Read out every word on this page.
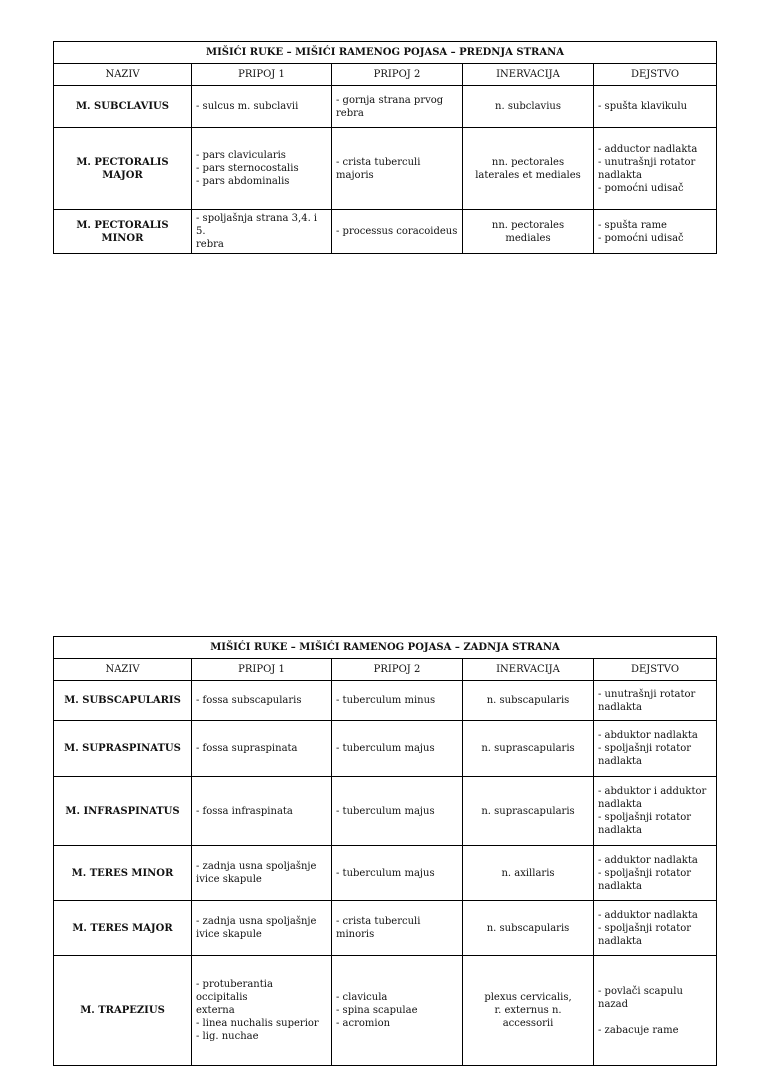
MIŠIĆI RUKE – MIŠIĆI RAMENOG POJASA – PREDNJA STRANA				
NAZIV	PRIPOJ 1	PRIPOJ 2	INERVACIJA	DEJSTVO
M. SUBCLAVIUS	- sulcus m. subclavii	- gornja strana prvog
rebra	n. subclavius	- spušta klavikulu
M. PECTORALIS MAJOR	- pars clavicularis
- pars sternocostalis
- pars abdominalis	- crista tuberculi majoris	nn. pectorales
laterales et mediales	- adductor nadlakta
- unutrašnji rotator
nadlakta
- pomoćni udisač
M. PECTORALIS MINOR	- spoljašnja strana 3,4. i 5.
rebra	- processus coracoideus	nn. pectorales
mediales	- spušta rame
- pomoćni udisač
MIŠIĆI RUKE – MIŠIĆI RAMENOG POJASA – ZADNJA STRANA				
NAZIV	PRIPOJ 1	PRIPOJ 2	INERVACIJA	DEJSTVO
M. SUBSCAPULARIS	- fossa subscapularis	- tuberculum minus	n. subscapularis	- unutrašnji rotator
nadlakta
M. SUPRASPINATUS	- fossa supraspinata	- tuberculum majus	n. suprascapularis	- abduktor nadlakta
- spoljašnji rotator
nadlakta
M. INFRASPINATUS	- fossa infraspinata	- tuberculum majus	n. suprascapularis	- abduktor i adduktor
nadlakta
- spoljašnji rotator
nadlakta
M. TERES MINOR	- zadnja usna spoljašnje
ivice skapule	- tuberculum majus	n. axillaris	- adduktor nadlakta
- spoljašnji rotator
nadlakta
M. TERES MAJOR	- zadnja usna spoljašnje
ivice skapule	- crista tuberculi minoris	n. subscapularis	- adduktor nadlakta
- spoljašnji rotator
nadlakta
M. TRAPEZIUS	- protuberantia occipitalis
externa
- linea nuchalis superior
- lig. nuchae	- clavicula
- spina scapulae
- acromion	plexus cervicalis,
r. externus n.
accessorii	- povlači scapulu
nazad

- zabacuje rame
